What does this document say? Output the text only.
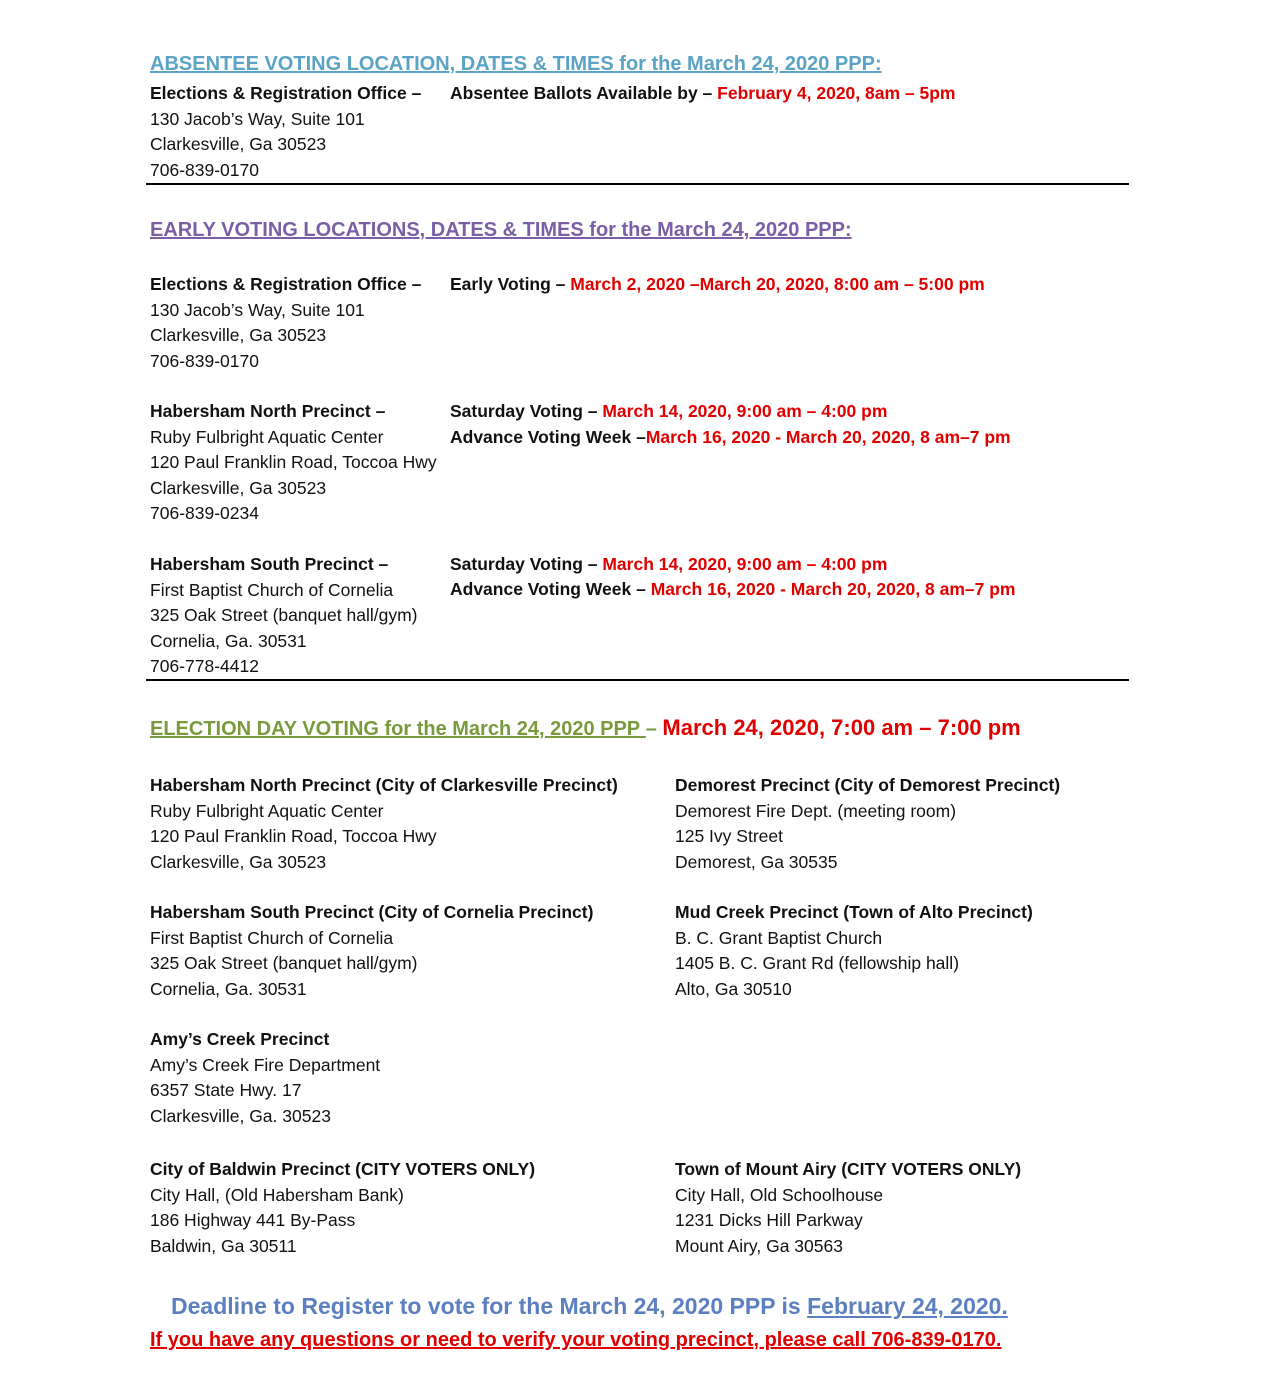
ABSENTEE VOTING LOCATION, DATES & TIMES for the March 24, 2020 PPP:
Elections & Registration Office –
130 Jacob’s Way, Suite 101
Clarkesville, Ga 30523
706-839-0170
Absentee Ballots Available by – February 4, 2020, 8am – 5pm
EARLY VOTING LOCATIONS, DATES & TIMES for the March 24, 2020 PPP:
Elections & Registration Office –
130 Jacob’s Way, Suite 101
Clarkesville, Ga 30523
706-839-0170
Early Voting – March 2, 2020 –March 20, 2020, 8:00 am – 5:00 pm
Habersham North Precinct –
Ruby Fulbright Aquatic Center
120 Paul Franklin Road, Toccoa Hwy
Clarkesville, Ga 30523
706-839-0234
Saturday Voting – March 14, 2020, 9:00 am – 4:00 pm
Advance Voting Week –March 16, 2020 - March 20, 2020, 8 am–7 pm
Habersham South Precinct –
First Baptist Church of Cornelia
325 Oak Street (banquet hall/gym)
Cornelia, Ga. 30531
706-778-4412
Saturday Voting – March 14, 2020, 9:00 am – 4:00 pm
Advance Voting Week – March 16, 2020 - March 20, 2020, 8 am–7 pm
ELECTION DAY VOTING for the March 24, 2020 PPP – March 24, 2020, 7:00 am – 7:00 pm
Habersham North Precinct (City of Clarkesville Precinct)
Ruby Fulbright Aquatic Center
120 Paul Franklin Road, Toccoa Hwy
Clarkesville, Ga 30523
Demorest Precinct (City of Demorest Precinct)
Demorest Fire Dept. (meeting room)
125 Ivy Street
Demorest, Ga 30535
Habersham South Precinct (City of Cornelia Precinct)
First Baptist Church of Cornelia
325 Oak Street (banquet hall/gym)
Cornelia, Ga. 30531
Mud Creek Precinct (Town of Alto Precinct)
B. C. Grant Baptist Church
1405 B. C. Grant Rd (fellowship hall)
Alto, Ga 30510
Amy’s Creek Precinct
Amy’s Creek Fire Department
6357 State Hwy. 17
Clarkesville, Ga. 30523
City of Baldwin Precinct (CITY VOTERS ONLY)
City Hall, (Old Habersham Bank)
186 Highway 441 By-Pass
Baldwin, Ga 30511
Town of Mount Airy (CITY VOTERS ONLY)
City Hall, Old Schoolhouse
1231 Dicks Hill Parkway
Mount Airy, Ga 30563
Deadline to Register to vote for the March 24, 2020 PPP is February 24, 2020.
If you have any questions or need to verify your voting precinct, please call 706-839-0170.
